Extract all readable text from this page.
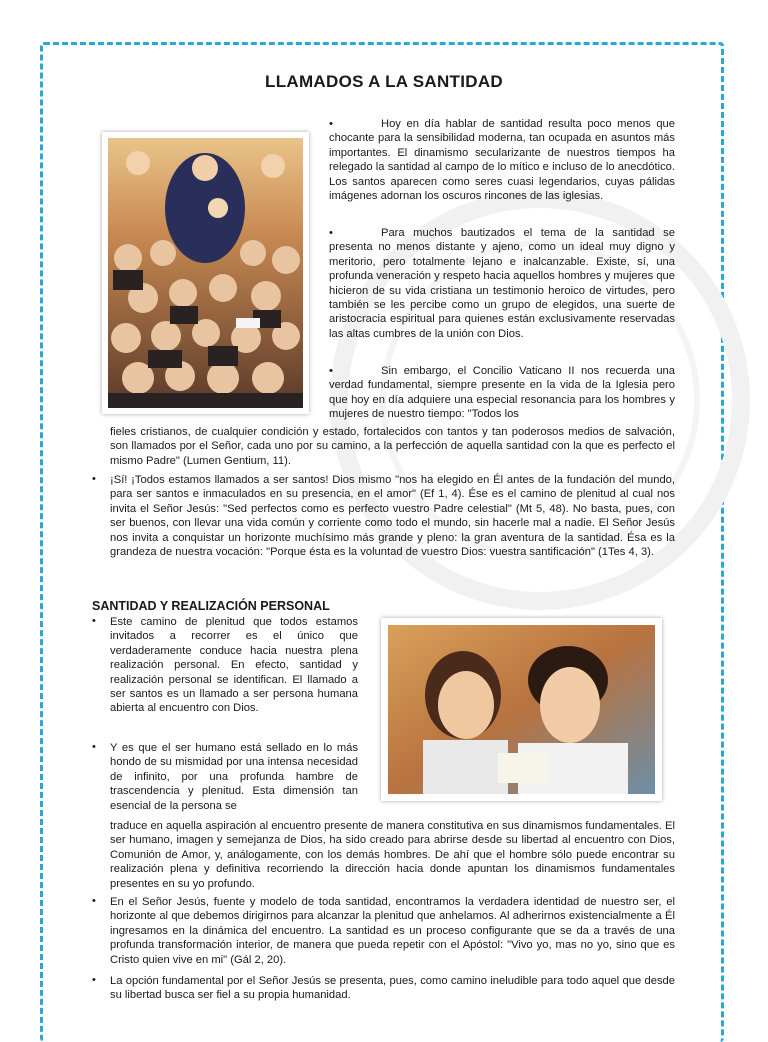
LLAMADOS A LA SANTIDAD
•	Hoy en día hablar de santidad resulta poco menos que chocante para la sensibilidad moderna, tan ocupada en asuntos más importantes. El dinamismo secularizante de nuestros tiempos ha relegado la santidad al campo de lo mítico e incluso de lo anecdótico. Los santos aparecen como seres cuasi legendarios, cuyas pálidas imágenes adornan los oscuros rincones de las iglesias.
•	Para muchos bautizados el tema de la santidad se presenta no menos distante y ajeno, como un ideal muy digno y meritorio, pero totalmente lejano e inalcanzable. Existe, sí, una profunda veneración y respeto hacia aquellos hombres y mujeres que hicieron de su vida cristiana un testimonio heroico de virtudes, pero también se les percibe como un grupo de elegidos, una suerte de aristocracia espiritual para quienes están exclusivamente reservadas las altas cumbres de la unión con Dios.
•	Sin embargo, el Concilio Vaticano II nos recuerda una verdad fundamental, siempre presente en la vida de la Iglesia pero que hoy en día adquiere una especial resonancia para los hombres y mujeres de nuestro tiempo: "Todos los
fieles cristianos, de cualquier condición y estado, fortalecidos con tantos y tan poderosos medios de salvación, son llamados por el Señor, cada uno por su camino, a la perfección de aquella santidad con la que es perfecto el mismo Padre" (Lumen Gentium, 11).
• ¡Sí! ¡Todos estamos llamados a ser santos! Dios mismo "nos ha elegido en Él antes de la fundación del mundo, para ser santos e inmaculados en su presencia, en el amor" (Ef 1, 4). Ése es el camino de plenitud al cual nos invita el Señor Jesús: "Sed perfectos como es perfecto vuestro Padre celestial" (Mt 5, 48). No basta, pues, con ser buenos, con llevar una vida común y corriente como todo el mundo, sin hacerle mal a nadie. El Señor Jesús nos invita a conquistar un horizonte muchísimo más grande y pleno: la gran aventura de la santidad. Ésa es la grandeza de nuestra vocación: "Porque ésta es la voluntad de vuestro Dios: vuestra santificación" (1Tes 4, 3).
SANTIDAD Y REALIZACIÓN PERSONAL
• Este camino de plenitud que todos estamos invitados a recorrer es el único que verdaderamente conduce hacia nuestra plena realización personal. En efecto, santidad y realización personal se identifican. El llamado a ser santos es un llamado a ser persona humana abierta al encuentro con Dios.
• Y es que el ser humano está sellado en lo más hondo de su mismidad por una intensa necesidad de infinito, por una profunda hambre de trascendencia y plenitud. Esta dimensión tan esencial de la persona se
traduce en aquella aspiración al encuentro presente de manera constitutiva en sus dinamismos fundamentales. El ser humano, imagen y semejanza de Dios, ha sido creado para abrirse desde su libertad al encuentro con Dios, Comunión de Amor, y, análogamente, con los demás hombres. De ahí que el hombre sólo puede encontrar su realización plena y definitiva recorriendo la dirección hacia donde apuntan los dinamismos fundamentales presentes en su yo profundo.
• En el Señor Jesús, fuente y modelo de toda santidad, encontramos la verdadera identidad de nuestro ser, el horizonte al que debemos dirigirnos para alcanzar la plenitud que anhelamos. Al adherirnos existencialmente a Él ingresamos en la dinámica del encuentro. La santidad es un proceso configurante que se da a través de una profunda transformación interior, de manera que pueda repetir con el Apóstol: "Vivo yo, mas no yo, sino que es Cristo quien vive en mi" (Gál 2, 20).
• La opción fundamental por el Señor Jesús se presenta, pues, como camino ineludible para todo aquel que desde su libertad busca ser fiel a su propia humanidad.
